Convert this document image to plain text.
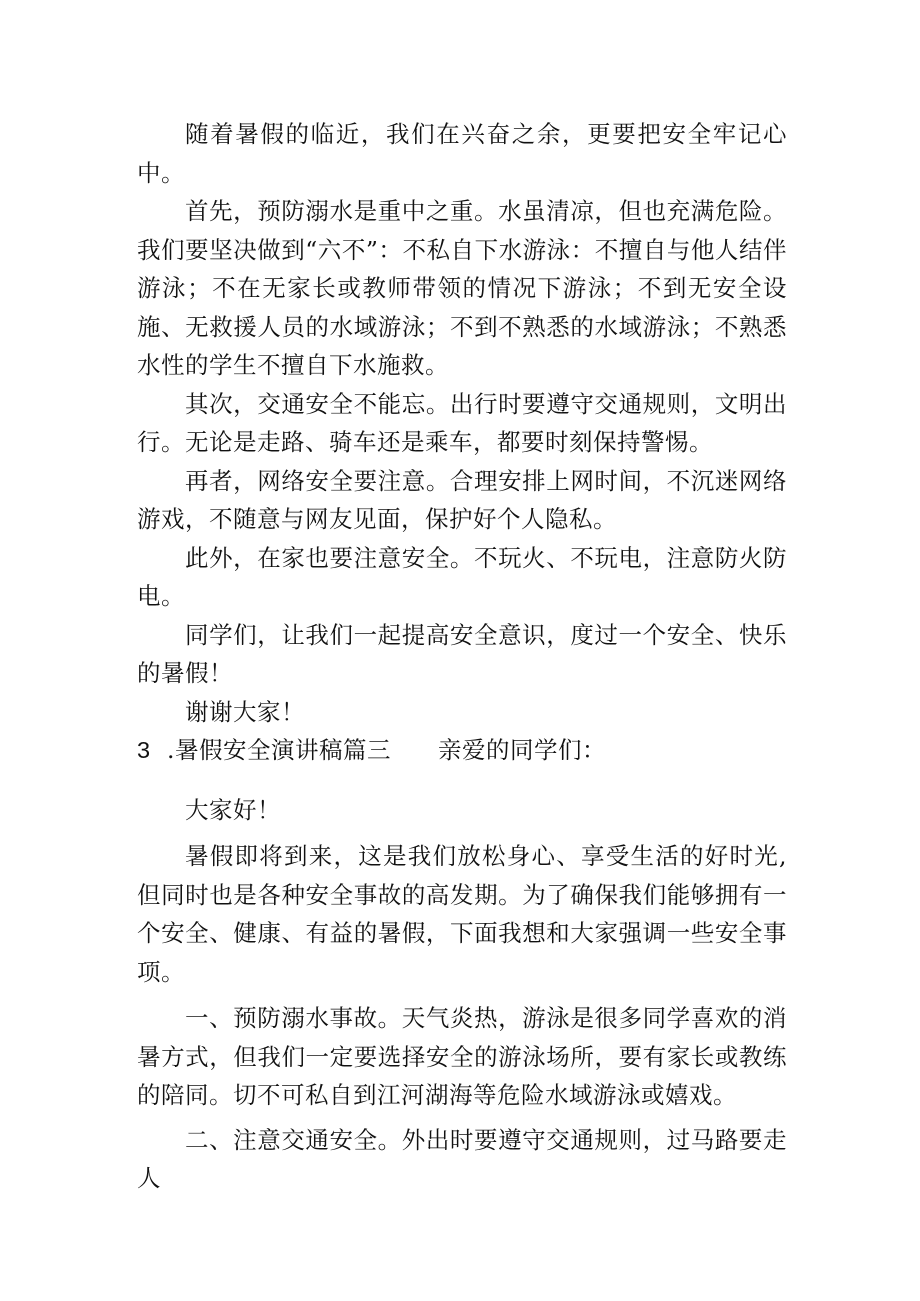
随着暑假的临近，我们在兴奋之余，更要把安全牢记心中。

首先，预防溺水是重中之重。水虽清凉，但也充满危险。我们要坚决做到“六不”：不私自下水游泳：不擅自与他人结伴游泳；不在无家长或教师带领的情况下游泳；不到无安全设施、无救援人员的水域游泳；不到不熟悉的水域游泳；不熟悉水性的学生不擅自下水施救。

其次，交通安全不能忘。出行时要遵守交通规则，文明出行。无论是走路、骑车还是乘车，都要时刻保持警惕。

再者，网络安全要注意。合理安排上网时间，不沉迷网络游戏，不随意与网友见面，保护好个人隐私。

此外，在家也要注意安全。不玩火、不玩电，注意防火防电。

同学们，让我们一起提高安全意识，度过一个安全、快乐的暑假！

谢谢大家！

3 .暑假安全演讲稿篇三 亲爱的同学们：

大家好！

暑假即将到来，这是我们放松身心、享受生活的好时光,但同时也是各种安全事故的高发期。为了确保我们能够拥有一个安全、健康、有益的暑假，下面我想和大家强调一些安全事项。

一、预防溺水事故。天气炎热，游泳是很多同学喜欢的消暑方式，但我们一定要选择安全的游泳场所，要有家长或教练的陪同。切不可私自到江河湖海等危险水域游泳或嬉戏。

二、注意交通安全。外出时要遵守交通规则，过马路要走人
